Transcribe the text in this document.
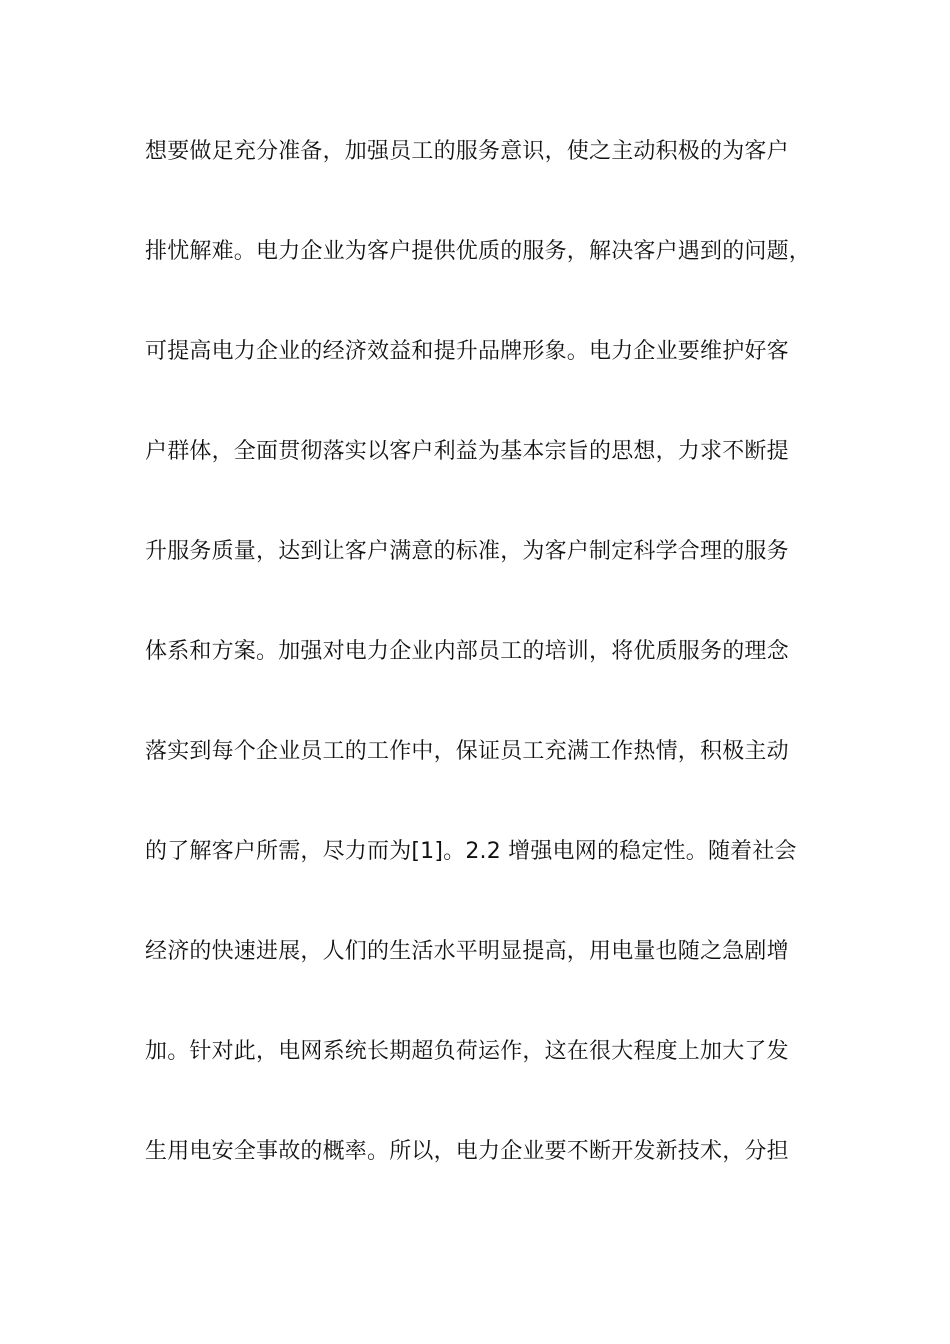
想要做足充分准备，加强员工的服务意识，使之主动积极的为客户
排忧解难。电力企业为客户提供优质的服务，解决客户遇到的问题，
可提高电力企业的经济效益和提升品牌形象。电力企业要维护好客
户群体，全面贯彻落实以客户利益为基本宗旨的思想，力求不断提
升服务质量，达到让客户满意的标准，为客户制定科学合理的服务
体系和方案。加强对电力企业内部员工的培训，将优质服务的理念
落实到每个企业员工的工作中，保证员工充满工作热情，积极主动
的了解客户所需，尽力而为[1]。2.2 增强电网的稳定性。随着社会
经济的快速进展，人们的生活水平明显提高，用电量也随之急剧增
加。针对此，电网系统长期超负荷运作，这在很大程度上加大了发
生用电安全事故的概率。所以，电力企业要不断开发新技术，分担
